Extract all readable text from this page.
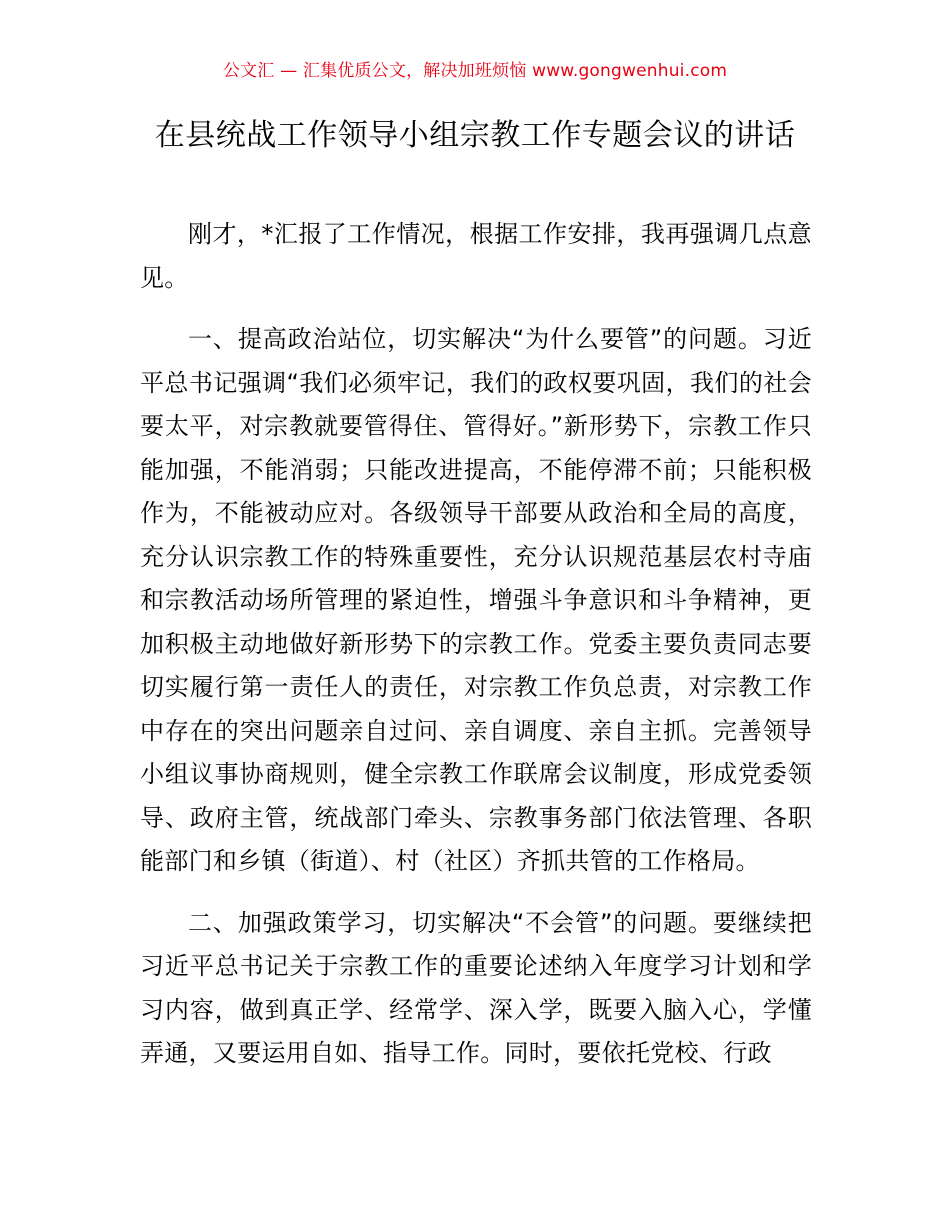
公文汇 — 汇集优质公文，解决加班烦恼 www.gongwenhui.com
在县统战工作领导小组宗教工作专题会议的讲话

刚才，*汇报了工作情况，根据工作安排，我再强调几点意见。

一、提高政治站位，切实解决“为什么要管”的问题。习近平总书记强调“我们必须牢记，我们的政权要巩固，我们的社会要太平，对宗教就要管得住、管得好。”新形势下，宗教工作只能加强，不能消弱；只能改进提高，不能停滞不前；只能积极作为，不能被动应对。各级领导干部要从政治和全局的高度，充分认识宗教工作的特殊重要性，充分认识规范基层农村寺庙和宗教活动场所管理的紧迫性，增强斗争意识和斗争精神，更加积极主动地做好新形势下的宗教工作。党委主要负责同志要切实履行第一责任人的责任，对宗教工作负总责，对宗教工作中存在的突出问题亲自过问、亲自调度、亲自主抓。完善领导小组议事协商规则，健全宗教工作联席会议制度，形成党委领导、政府主管，统战部门牵头、宗教事务部门依法管理、各职能部门和乡镇（街道）、村（社区）齐抓共管的工作格局。

二、加强政策学习，切实解决“不会管”的问题。要继续把习近平总书记关于宗教工作的重要论述纳入年度学习计划和学习内容，做到真正学、经常学、深入学，既要入脑入心，学懂弄通，又要运用自如、指导工作。同时，要依托党校、行政
